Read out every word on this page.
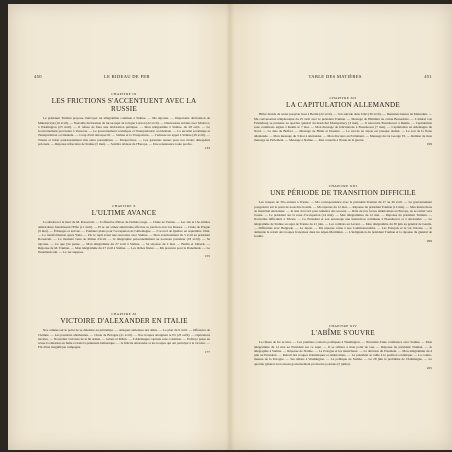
450	LE RIDEAU DE FER

CHAPITRE IX

LES FRICTIONS S'ACCENTUENT AVEC LA RUSSIE

Le président Truman propose d'envoyer un télégramme commun à Staline. — Ma réponse. — Importante déclaration de Mikołajczyk (16 avril). — Nouvelle déclaration de lui au sujet de la ligne Curzon (22 avril). — Discussions stériles avec Molotov, à Washington (23 avril). — Il refuse de faire une déclaration publique. — Mon télégramme à Staline, du 28 avril. — Le Gouvernement provisoire à Varsovie. — Le gouvernement soviétique et l'interprétation occidentale. — La sécurité soviétique et l'interprétation occidentale. — Coup d'œil rétrospectif. — Staline et la Yougoslavie. — J'adresse un appel à Staline (29 avril). — Trieste et Istrie paradoxalement mis entre parenthèses. — Perspectives. — Les garanties tenues pour nos moins désespérés polonais. — Réponse réfractaire de Staline (5 mai). — Sombre tableau de l'Europe. — Une renaissance toute proche.

133

CHAPITRE X

L'ULTIME AVANCE

La situation à la mort de M. Roosevelt. — L'offensive d'hiver de l'armée rouge. — Chute de Vienne. — Les 12e et 13e armées américaines franchissent l'Elbe (11 avril). — Et le 1er armée américaine effectue sa jonction avec les Russes. — Chute de Prague (9 mai). — Échanges et arrivée. — Premiers plans pour l'occupation de l'Allemagne. — L'accord de Québec en septembre 1944. — La transformation après Yalta. — Par le repli avant une rencontre avec Staline. — Mon avertissement du 5 avril au président Roosevelt. — Le moment venu au milieu d'avril. — Je télégraphie personnellement au nouveau président (18 avril). — Sa réponse. — Ce que j'en pense. — Mon télégramme du 27 avril à Staline. — Sa réponse du 2 mai. — Berlin et Lübeck. — Réponse de M. Truman. — Mon télégramme du 27 avril à Staline. — Les tâches fixées. — Ma pression pour le Danemark. — Le Danemark suit. — Le 1er suppose.

155

CHAPITRE XI

VICTOIRE D'ALEXANDER EN ITALIE

Nos armées sur le point de se détendre au printemps. — Attaques aériennes des alliés. — Le plan du 9 avril. — Offensive de l'Armée. — Les positions allemandes. — Chute de Bologne (21 avril). — Nos troupes atteignent le Pô (23 avril). — Opérations navales. — Nouvelles victoires de la 8e armée. — Gênes et Milan. — L'Allemagne capitule sans condition. — Enfin je passe en revue la situation en Italie et dans la péninsule balkanique. — Je félicite Alexander et les troupes qui ont participé à la victoire. — Fin d'une magnifique campagne.

177
TABLE DES MATIÈRES	451

CHAPITRE XII

LA CAPITULATION ALLEMANDE

Hitler décide de rester jusqu'au bout à Berlin (22 avril). — Son suicide dans l'abri (30 avril). — Dernières heures de Mussolini. — Ma conversation téléphonique du 25 avril avec le président Truman. — Message de Himmler au comte Bernadotte. — L'amiral von Friedeburg se présente au quartier général du maréchal Montgomery (3 mai). — Il rencontre Eisenhower à Reims. — Capitulation sans conditions signée à Reims le 7 mai. — Mon message de félicitations à Eisenhower (7 mai). — Capitulation en Allemagne du Nord. — La date de Belfort. — Message de Hitler et Doenitz. — Le succès au Japon est presque réalisé. — Le sort de la flotte allemande. — Mon message du 3 mai à Alexander. — Mon discours au Parlement. — Message du roi George VI. — Remise de mon message au Parlement. — Message à Staline. — Mes conseils à l'issue de la guerre.

199

CHAPITRE XIII

UNE PÉRIODE DE TRANSITION DIFFICILE

Les troupes de Tito entrent à Trieste. — Ma correspondance avec le président Truman du 27 au 30 avril. — Le gouvernement yougoslave sur le point de nous être hostile. — Ma réponse du 12 mai. — Réponse du président Truman (12 mai). — Mes instructions au maréchal Alexander. — Je suis d'accord pour remettre des secours. — Rôle de nos forces américaines en Europe, de se retirer vers l'ouest. — Le président sur la zone d'occupation (14 mai). — Mes télégrammes du 12 mai. — Réponse du président Truman. — Nouvelles difficultés à Trieste. — Le Président et son entourage une instruction commune à Eisenhower et à Alexander. — Le télégramme de Staline au sujet de Trieste du 21 juin. — Les combats au Levant. — Mon télégramme du 30 juin au général de Gaulle. — Difficultés avec Belgrade. — Le Japon. — Ma réponse vaine à nos Commonwealths. — Les Français et le val d'Aoste. — Je demande le retrait des troupes françaises dans les Alpes-Maritimes. — L'indignation du président Truman et la réponse du général de Gaulle.

209

CHAPITRE XIV

L'ABÎME S'OUVRE

Le rideau de fer se lève. — Les premiers contacts politiques à Washington. — Nécessité d'une conférence avec Staline. — Mon télégramme du 12 mai au Président sur ce sujet. — Il se ralliera à mon point de vue. — Réponse du président Truman. — Je télégraphie à Staline. — Réponse de Staline. — La Pologne et les maréchaux. — La décision du Président. — Mon télégramme du 4 juin au Président. — Retrait des troupes britanniques et américaines. — Le président se rallie à la position soviétique. — La contre-mesure de la Pologne. — Ses débats à Washington. — La politique de Staline. — Le 29 juin le problème de l'Allemagne. — Le quartier général au nouveau gouvernement provisoire polonais (5 juillet).

225
